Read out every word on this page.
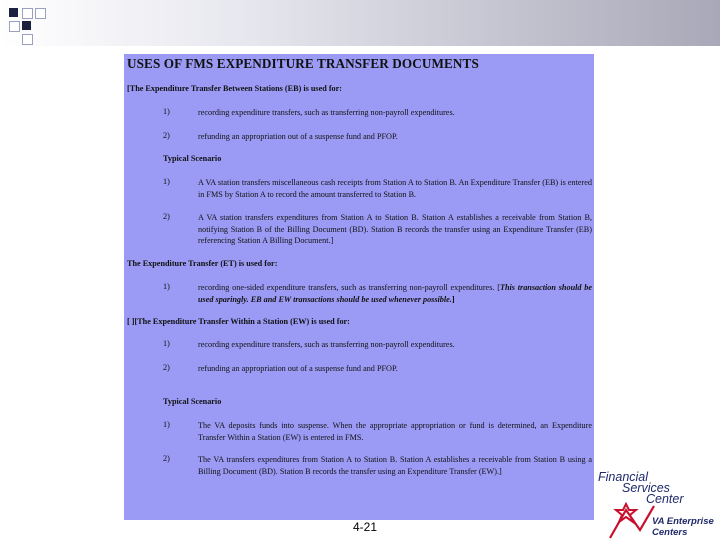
USES OF FMS EXPENDITURE TRANSFER DOCUMENTS
[The Expenditure Transfer Between Stations (EB) is used for:
1)	recording expenditure transfers, such as transferring non-payroll expenditures.
2)	refunding an appropriation out of a suspense fund and PFOP.
Typical Scenario
1)	A VA station transfers miscellaneous cash receipts from Station A to Station B. An Expenditure Transfer (EB) is entered in FMS by Station A to record the amount transferred to Station B.
2)	A VA station transfers expenditures from Station A to Station B. Station A establishes a receivable from Station B, notifying Station B of the Billing Document (BD). Station B records the transfer using an Expenditure Transfer (EB) referencing Station A Billing Document.]
The Expenditure Transfer (ET) is used for:
1)	recording one-sided expenditure transfers, such as transferring non-payroll expenditures. [This transaction should be used sparingly. EB and EW transactions should be used whenever possible.]
[ ][The Expenditure Transfer Within a Station (EW) is used for:
1)	recording expenditure transfers, such as transferring non-payroll expenditures.
2)	refunding an appropriation out of a suspense fund and PFOP.
Typical Scenario
1)	The VA deposits funds into suspense. When the appropriate appropriation or fund is determined, an Expenditure Transfer Within a Station (EW) is entered in FMS.
2)	The VA transfers expenditures from Station A to Station B. Station A establishes a receivable from Station B using a Billing Document (BD). Station B records the transfer using an Expenditure Transfer (EW).]
4-21
Financial
Services
Center
VA Enterprise
Centers
